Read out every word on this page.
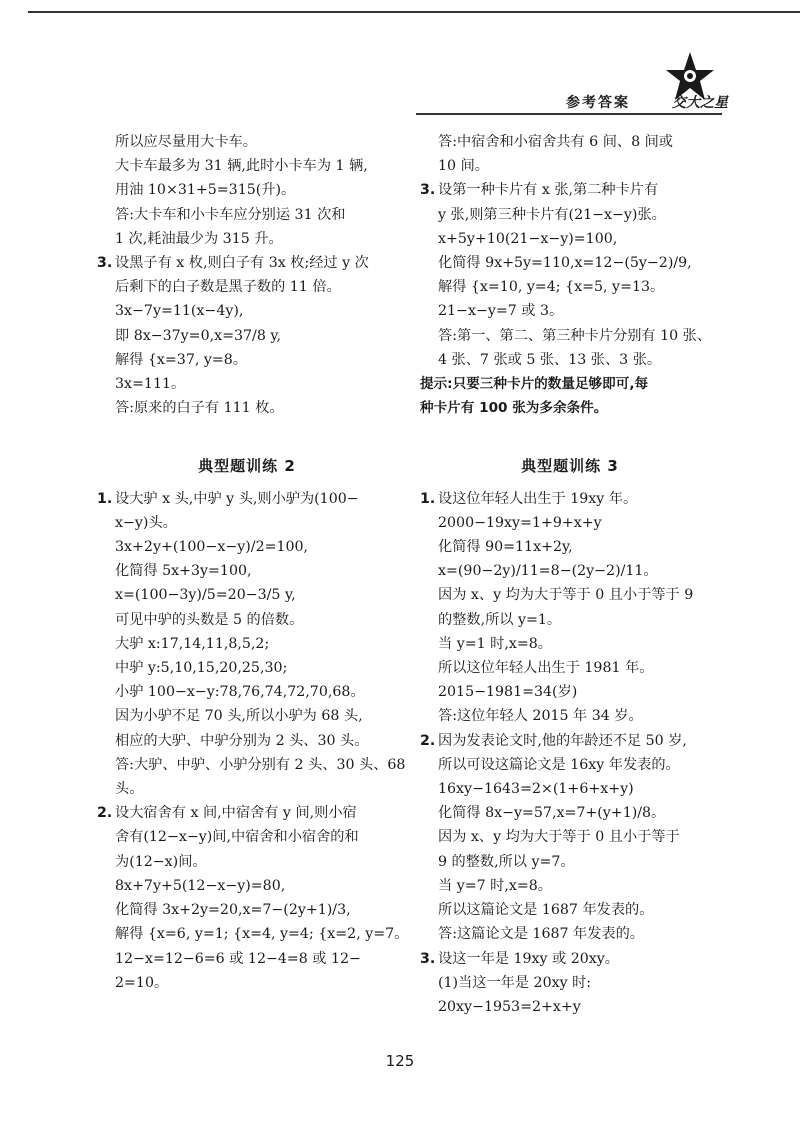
参考答案	交大之星
所以应尽量用大卡车。
大卡车最多为 31 辆,此时小卡车为 1 辆,
用油 10×31+5=315(升)。
答:大卡车和小卡车应分别运 31 次和
1 次,耗油最少为 315 升。
3. 设黑子有 x 枚,则白子有 3x 枚;经过 y 次
后剩下的白子数是黑子数的 11 倍。
3x−7y=11(x−4y),
即 8x−37y=0,x=37/8 y,
解得 {x=37, y=8。
3x=111。
答:原来的白子有 111 枚。
典型题训练 2
1. 设大驴 x 头,中驴 y 头,则小驴为(100−
x−y)头。
3x+2y+(100−x−y)/2=100,
化简得 5x+3y=100,
x=(100−3y)/5=20−3/5 y,
可见中驴的头数是 5 的倍数。
大驴 x:17,14,11,8,5,2;
中驴 y:5,10,15,20,25,30;
小驴 100−x−y:78,76,74,72,70,68。
因为小驴不足 70 头,所以小驴为 68 头,
相应的大驴、中驴分别为 2 头、30 头。
答:大驴、中驴、小驴分别有 2 头、30 头、68
头。
2. 设大宿舍有 x 间,中宿舍有 y 间,则小宿
舍有(12−x−y)间,中宿舍和小宿舍的和
为(12−x)间。
8x+7y+5(12−x−y)=80,
化简得 3x+2y=20,x=7−(2y+1)/3,
解得 {x=6, y=1; {x=4, y=4; {x=2, y=7。
12−x=12−6=6 或 12−4=8 或 12−
2=10。
答:中宿舍和小宿舍共有 6 间、8 间或
10 间。
3. 设第一种卡片有 x 张,第二种卡片有
y 张,则第三种卡片有(21−x−y)张。
x+5y+10(21−x−y)=100,
化简得 9x+5y=110,x=12−(5y−2)/9,
解得 {x=10, y=4; {x=5, y=13。
21−x−y=7 或 3。
答:第一、第二、第三种卡片分别有 10 张、
4 张、7 张或 5 张、13 张、3 张。
提示:只要三种卡片的数量足够即可,每
种卡片有 100 张为多余条件。
典型题训练 3
1. 设这位年轻人出生于 19xy 年。
2000−19xy=1+9+x+y
化简得 90=11x+2y,
x=(90−2y)/11=8−(2y−2)/11。
因为 x、y 均为大于等于 0 且小于等于 9
的整数,所以 y=1。
当 y=1 时,x=8。
所以这位年轻人出生于 1981 年。
2015−1981=34(岁)
答:这位年轻人 2015 年 34 岁。
2. 因为发表论文时,他的年龄还不足 50 岁,
所以可设这篇论文是 16xy 年发表的。
16xy−1643=2×(1+6+x+y)
化简得 8x−y=57,x=7+(y+1)/8。
因为 x、y 均为大于等于 0 且小于等于
9 的整数,所以 y=7。
当 y=7 时,x=8。
所以这篇论文是 1687 年发表的。
答:这篇论文是 1687 年发表的。
3. 设这一年是 19xy 或 20xy。
(1)当这一年是 20xy 时:
20xy−1953=2+x+y
125
